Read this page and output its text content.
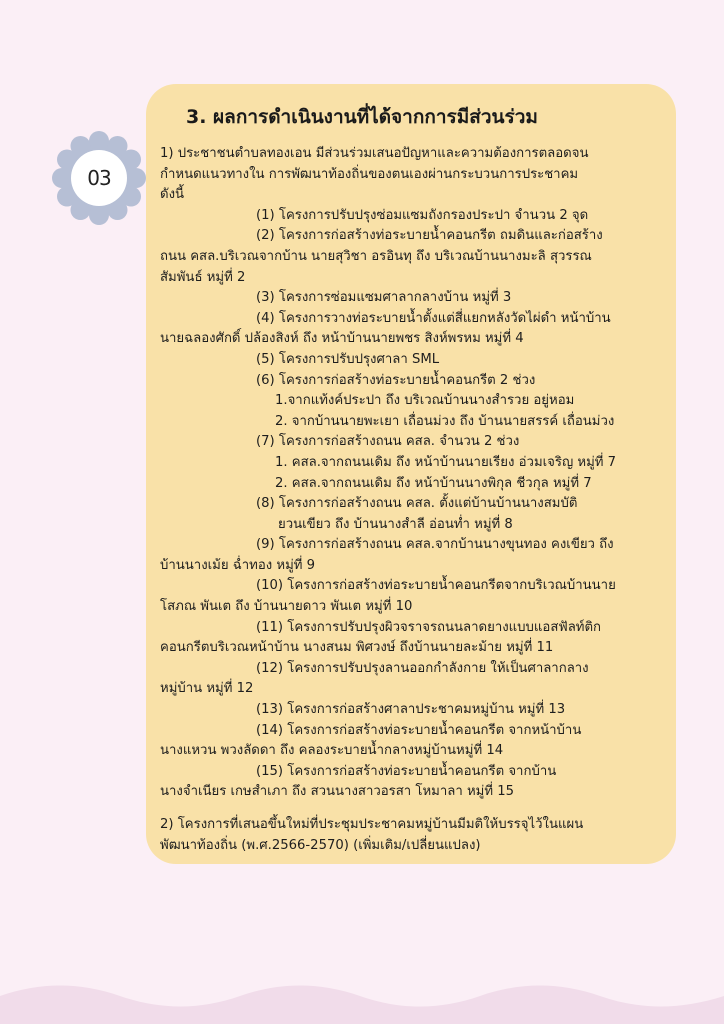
03
3. ผลการดำเนินงานที่ได้จากการมีส่วนร่วม

1) ประชาชนตำบลทองเอน มีส่วนร่วมเสนอปัญหาและความต้องการตลอดจน

กำหนดแนวทางใน การพัฒนาท้องถิ่นของตนเองผ่านกระบวนการประชาคม

ดังนี้

(1) โครงการปรับปรุงซ่อมแซมถังกรองประปา จำนวน 2 จุด

(2) โครงการก่อสร้างท่อระบายน้ำคอนกรีต ถมดินและก่อสร้าง

ถนน คสล.บริเวณจากบ้าน นายสุวิชา อรอินทุ ถึง บริเวณบ้านนางมะลิ สุวรรณ

สัมพันธ์ หมู่ที่ 2

(3) โครงการซ่อมแซมศาลากลางบ้าน หมู่ที่ 3

(4) โครงการวางท่อระบายน้ำตั้งแต่สี่แยกหลังวัดไผ่ดำ หน้าบ้าน

นายฉลองศักดิ์ ปล้องสิงห์ ถึง หน้าบ้านนายพชร สิงห์พรหม หมู่ที่ 4

(5) โครงการปรับปรุงศาลา SML

(6) โครงการก่อสร้างท่อระบายน้ำคอนกรีต 2 ช่วง

1.จากแท้งค์ประปา ถึง บริเวณบ้านนางสำรวย อยู่หอม

2. จากบ้านนายพะเยา เถื่อนม่วง ถึง บ้านนายสรรค์ เถื่อนม่วง

(7) โครงการก่อสร้างถนน คสล. จำนวน 2 ช่วง

1. คสล.จากถนนเดิม ถึง หน้าบ้านนายเรียง อ่วมเจริญ หมู่ที่ 7

2. คสล.จากถนนเดิม ถึง หน้าบ้านนางพิกุล ชีวกุล หมู่ที่ 7

(8) โครงการก่อสร้างถนน คสล. ตั้งแต่บ้านบ้านนางสมบัติ

ยวนเขียว ถึง บ้านนางสำลี อ่อนท่ำ หมู่ที่ 8

(9) โครงการก่อสร้างถนน คสล.จากบ้านนางขุนทอง คงเขียว ถึง

บ้านนางเม้ย ฉ่ำทอง หมู่ที่ 9

(10) โครงการก่อสร้างท่อระบายน้ำคอนกรีตจากบริเวณบ้านนาย

โสภณ พันเต ถึง บ้านนายดาว พันเต หมู่ที่ 10

(11) โครงการปรับปรุงผิวจราจรถนนลาดยางแบบแอสฟัลท์ติก

คอนกรีตบริเวณหน้าบ้าน นางสนม พิศวงษ์ ถึงบ้านนายละม้าย หมู่ที่ 11

(12) โครงการปรับปรุงลานออกกำลังกาย ให้เป็นศาลากลาง

หมู่บ้าน หมู่ที่ 12

(13) โครงการก่อสร้างศาลาประชาคมหมู่บ้าน หมู่ที่ 13

(14) โครงการก่อสร้างท่อระบายน้ำคอนกรีต จากหน้าบ้าน

นางแหวน พวงลัดดา ถึง คลองระบายน้ำกลางหมู่บ้านหมู่ที่ 14

(15) โครงการก่อสร้างท่อระบายน้ำคอนกรีต จากบ้าน

นางจำเนียร เกษสำเภา ถึง สวนนางสาวอรสา โหมาลา หมู่ที่ 15

2) โครงการที่เสนอขึ้นใหม่ที่ประชุมประชาคมหมู่บ้านมีมติให้บรรจุไว้ในแผน

พัฒนาท้องถิ่น (พ.ศ.2566-2570) (เพิ่มเติม/เปลี่ยนแปลง)
